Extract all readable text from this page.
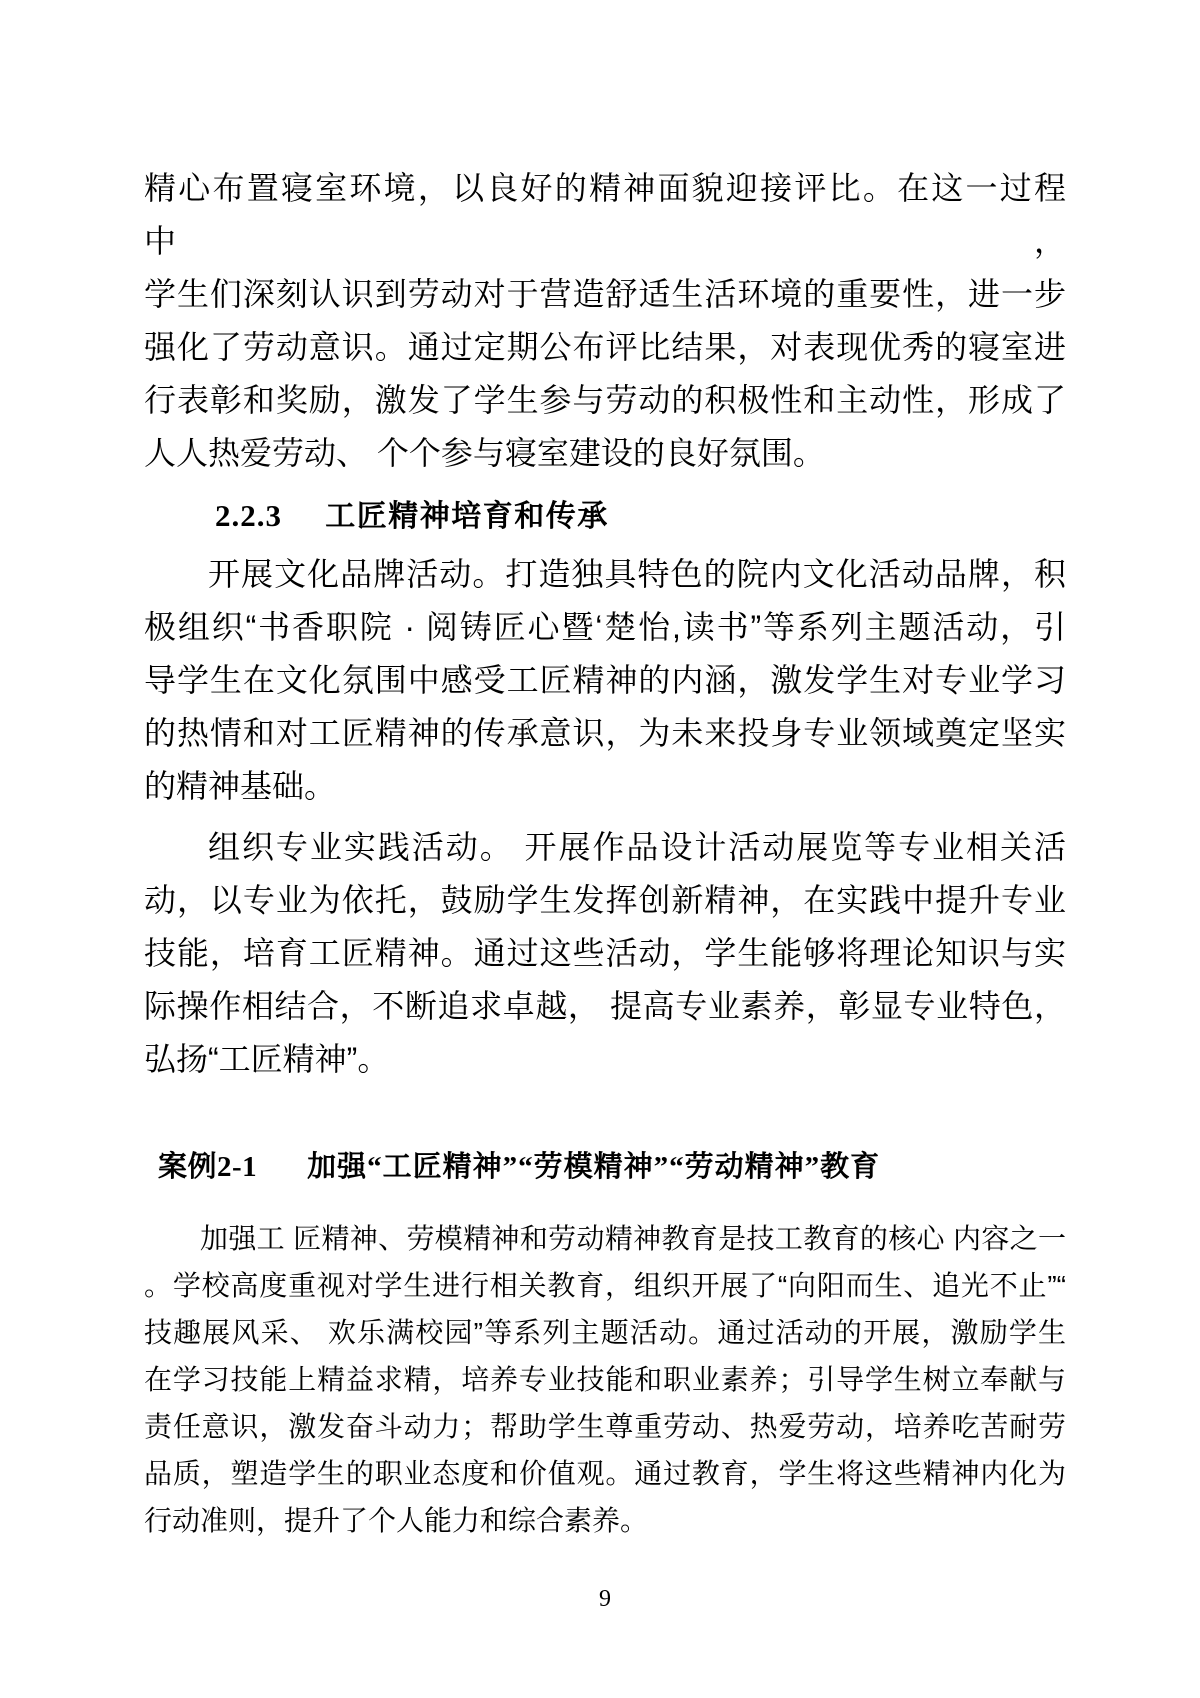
精心布置寝室环境，以良好的精神面貌迎接评比。在这一过程中，
学生们深刻认识到劳动对于营造舒适生活环境的重要性，进一步
强化了劳动意识。通过定期公布评比结果，对表现优秀的寝室进
行表彰和奖励，激发了学生参与劳动的积极性和主动性，形成了
人人热爱劳动、 个个参与寝室建设的良好氛围。
2.2.3 工匠精神培育和传承
开展文化品牌活动。打造独具特色的院内文化活动品牌，积
极组织“书香职院 · 阅铸匠心暨‘楚怡,读书”等系列主题活动，引
导学生在文化氛围中感受工匠精神的内涵，激发学生对专业学习
的热情和对工匠精神的传承意识，为未来投身专业领域奠定坚实
的精神基础。
组织专业实践活动。 开展作品设计活动展览等专业相关活
动，以专业为依托，鼓励学生发挥创新精神，在实践中提升专业
技能，培育工匠精神。通过这些活动，学生能够将理论知识与实
际操作相结合，不断追求卓越， 提高专业素养，彰显专业特色，
弘扬“工匠精神”。
案例2-1 加强“工匠精神”“劳模精神”“劳动精神”教育
加强工 匠精神、劳模精神和劳动精神教育是技工教育的核心 内容之一
。学校高度重视对学生进行相关教育，组织开展了“向阳而生、追光不止”“
技趣展风采、 欢乐满校园”等系列主题活动。通过活动的开展，激励学生
在学习技能上精益求精，培养专业技能和职业素养；引导学生树立奉献与
责任意识，激发奋斗动力；帮助学生尊重劳动、热爱劳动，培养吃苦耐劳
品质，塑造学生的职业态度和价值观。通过教育，学生将这些精神内化为
行动准则，提升了个人能力和综合素养。
9
